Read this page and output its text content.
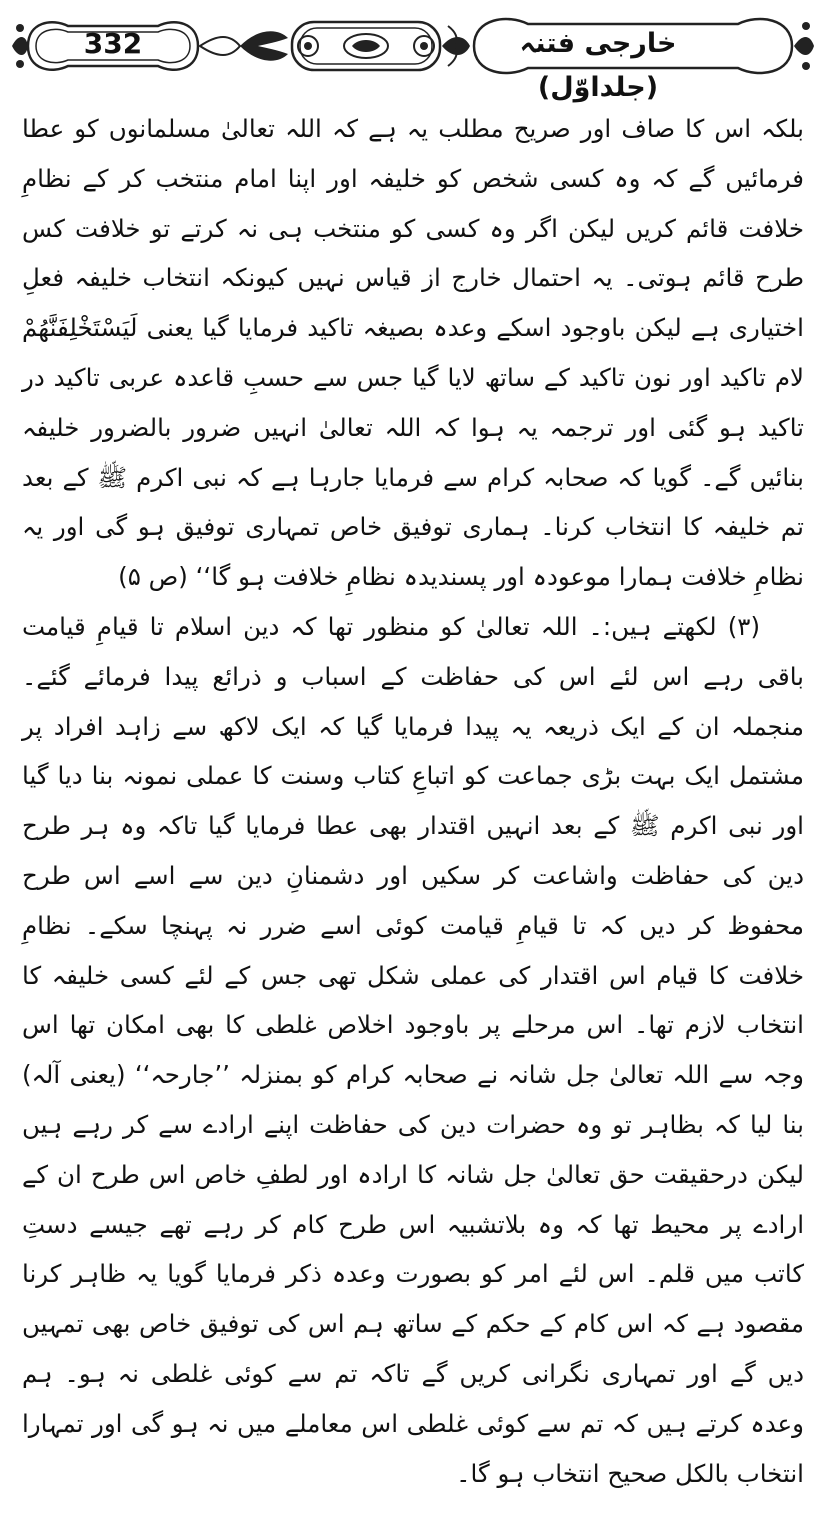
332	خارجی فتنہ (جلداوّل)

بلکہ اس کا صاف اور صریح مطلب یہ ہے کہ اللہ تعالیٰ مسلمانوں کو عطا فرمائیں گے کہ وہ کسی شخص کو خلیفہ اور اپنا امام منتخب کر کے نظامِ خلافت قائم کریں لیکن اگر وہ کسی کو منتخب ہی نہ کرتے تو خلافت کس طرح قائم ہوتی۔ یہ احتمال خارج از قیاس نہیں کیونکہ انتخاب خلیفہ فعلِ اختیاری ہے لیکن باوجود اسکے وعدہ بصیغہ تاکید فرمایا گیا یعنی لَیَسْتَخْلِفَنَّهُمْ لام تاکید اور نون تاکید کے ساتھ لایا گیا جس سے حسبِ قاعدہ عربی تاکید در تاکید ہو گئی اور ترجمہ یہ ہوا کہ اللہ تعالیٰ انہیں ضرور بالضرور خلیفہ بنائیں گے۔ گویا کہ صحابہ کرام سے فرمایا جارہا ہے کہ نبی اکرم ﷺ کے بعد تم خلیفہ کا انتخاب کرنا۔ ہماری توفیق خاص تمہاری توفیق ہو گی اور یہ نظامِ خلافت ہمارا موعودہ اور پسندیدہ نظامِ خلافت ہو گا‘‘ (ص ۵)

(۳) لکھتے ہیں:۔ اللہ تعالیٰ کو منظور تھا کہ دین اسلام تا قیامِ قیامت باقی رہے اس لئے اس کی حفاظت کے اسباب و ذرائع پیدا فرمائے گئے۔ منجملہ ان کے ایک ذریعہ یہ پیدا فرمایا گیا کہ ایک لاکھ سے زاہد افراد پر مشتمل ایک بہت بڑی جماعت کو اتباعِ کتاب وسنت کا عملی نمونہ بنا دیا گیا اور نبی اکرم ﷺ کے بعد انہیں اقتدار بھی عطا فرمایا گیا تاکہ وہ ہر طرح دین کی حفاظت واشاعت کر سکیں اور دشمنانِ دین سے اسے اس طرح محفوظ کر دیں کہ تا قیامِ قیامت کوئی اسے ضرر نہ پہنچا سکے۔ نظامِ خلافت کا قیام اس اقتدار کی عملی شکل تھی جس کے لئے کسی خلیفہ کا انتخاب لازم تھا۔ اس مرحلے پر باوجود اخلاص غلطی کا بھی امکان تھا اس وجہ سے اللہ تعالیٰ جل شانہ نے صحابہ کرام کو بمنزلہ ’’جارحہ‘‘ (یعنی آلہ) بنا لیا کہ بظاہر تو وہ حضرات دین کی حفاظت اپنے ارادے سے کر رہے ہیں لیکن درحقیقت حق تعالیٰ جل شانہ کا ارادہ اور لطفِ خاص اس طرح ان کے ارادے پر محیط تھا کہ وہ بلاتشبیہ اس طرح کام کر رہے تھے جیسے دستِ کاتب میں قلم۔ اس لئے امر کو بصورت وعدہ ذکر فرمایا گویا یہ ظاہر کرنا مقصود ہے کہ اس کام کے حکم کے ساتھ ہم اس کی توفیق خاص بھی تمہیں دیں گے اور تمہاری نگرانی کریں گے تاکہ تم سے کوئی غلطی نہ ہو۔ ہم وعدہ کرتے ہیں کہ تم سے کوئی غلطی اس معاملے میں نہ ہو گی اور تمہارا انتخاب بالکل صحیح انتخاب ہو گا۔
